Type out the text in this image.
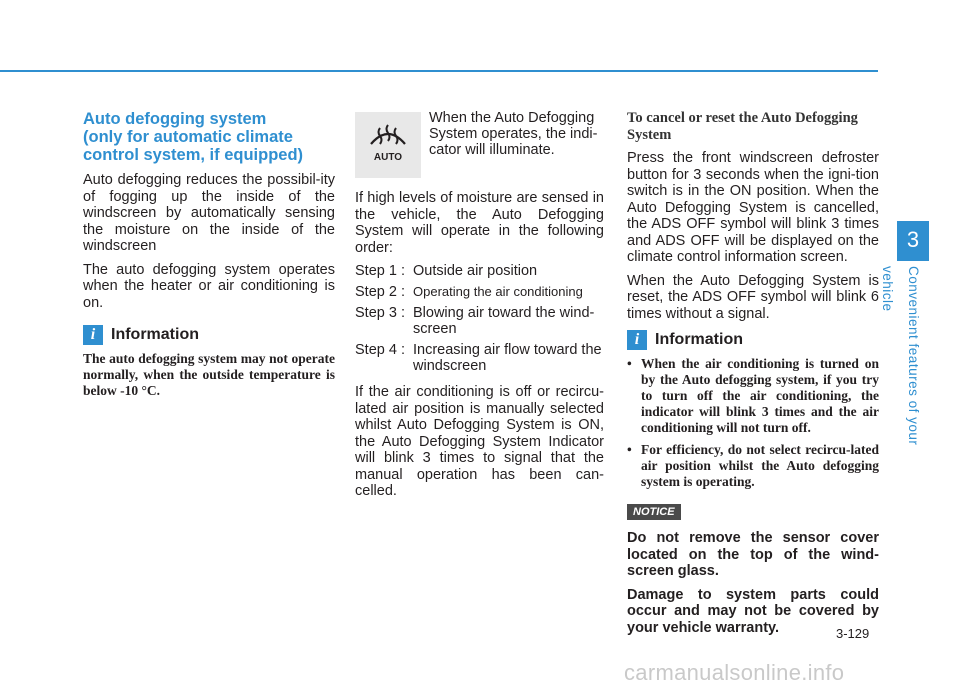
3
Convenient features of your vehicle
Auto defogging system
(only for automatic climate
control system, if equipped)

Auto defogging reduces the possibil-ity of fogging up the inside of the windscreen by automatically sensing the moisture on the inside of the windscreen

The auto defogging system operates when the heater or air conditioning is on.

i Information

The auto defogging system may not operate normally, when the outside temperature is below -10 °C.

AUTO
When the Auto Defogging System operates, the indi-cator will illuminate.

If high levels of moisture are sensed in the vehicle, the Auto Defogging System will operate in the following order:

Step 1 : Outside air position
Step 2 : Operating the air conditioning
Step 3 : Blowing air toward the wind-screen
Step 4 : Increasing air flow toward the windscreen

If the air conditioning is off or recircu-lated air position is manually selected whilst Auto Defogging System is ON, the Auto Defogging System Indicator will blink 3 times to signal that the manual operation has been can-celled.

To cancel or reset the Auto Defogging System

Press the front windscreen defroster button for 3 seconds when the igni-tion switch is in the ON position. When the Auto Defogging System is cancelled, the ADS OFF symbol will blink 3 times and ADS OFF will be displayed on the climate control information screen.

When the Auto Defogging System is reset, the ADS OFF symbol will blink 6 times without a signal.

i Information
• When the air conditioning is turned on by the Auto defogging system, if you try to turn off the air conditioning, the indicator will blink 3 times and the air conditioning will not turn off.

• For efficiency, do not select recircu-lated air position whilst the Auto defogging system is operating.

NOTICE

Do not remove the sensor cover located on the top of the wind-screen glass.

Damage to system parts could occur and may not be covered by your vehicle warranty.	3-129
carmanualsonline.info
